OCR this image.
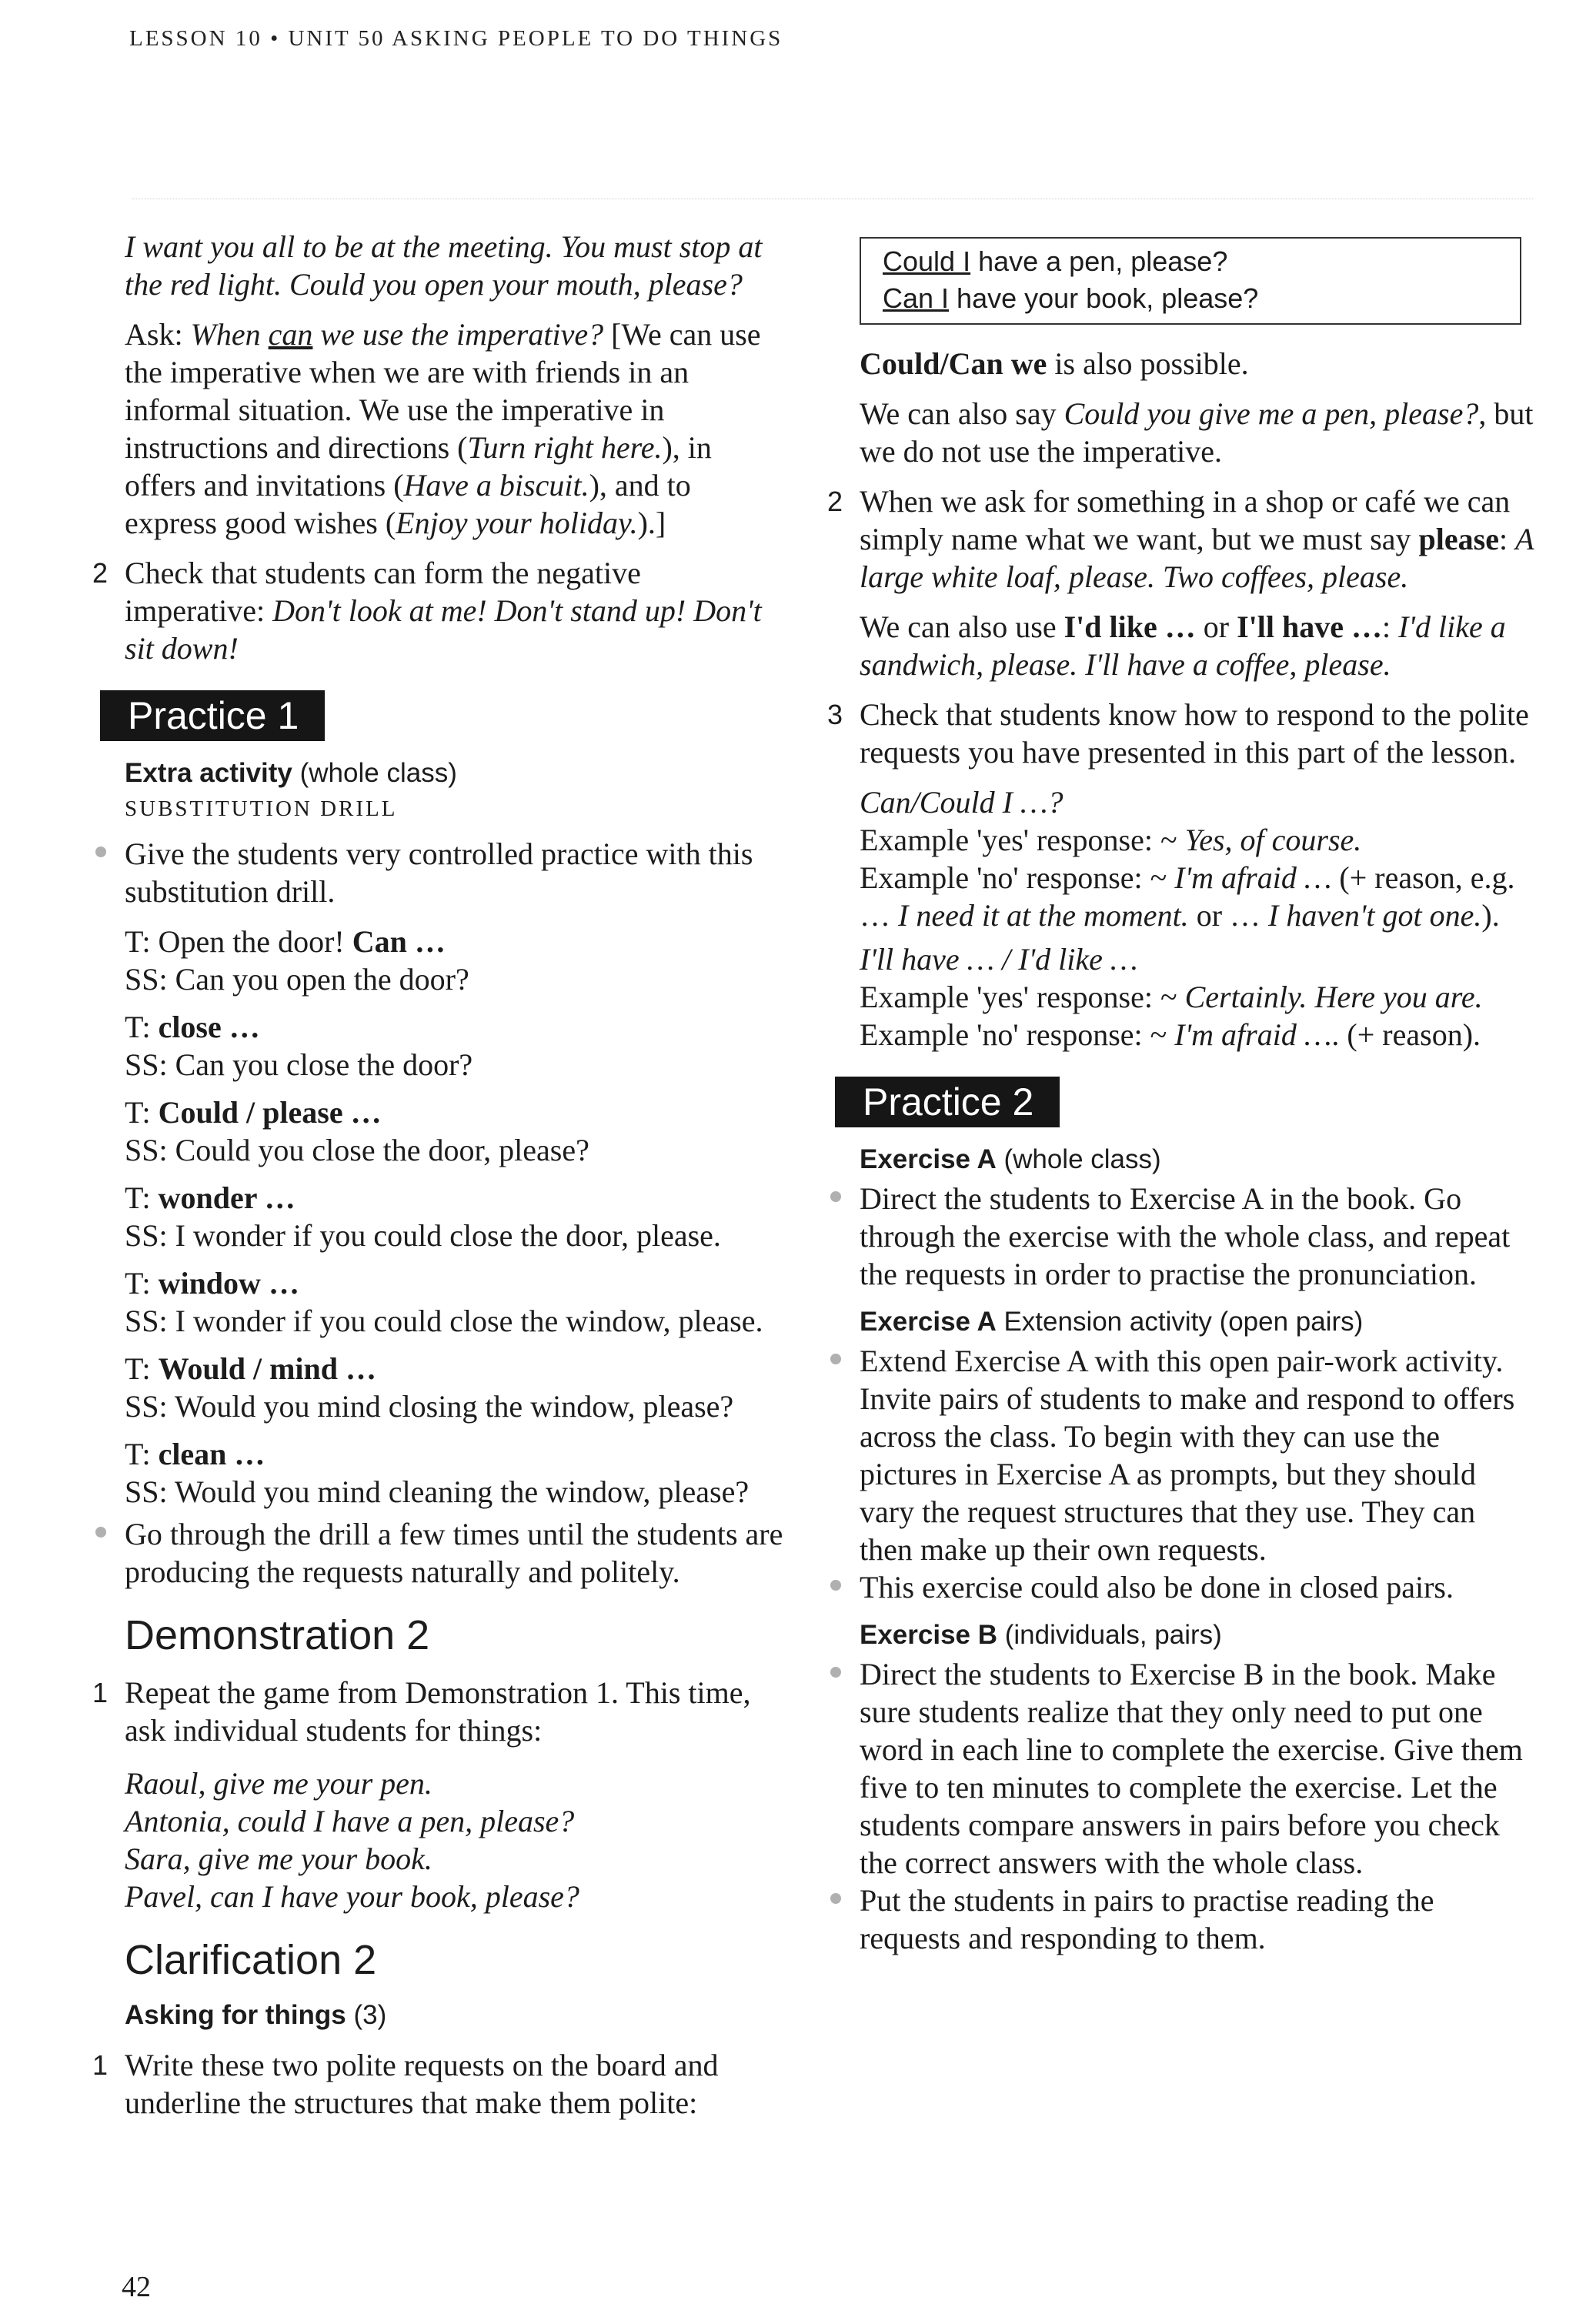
LESSON 10 • UNIT 50 ASKING PEOPLE TO DO THINGS

I want you all to be at the meeting. You must stop at the red light. Could you open your mouth, please?

Ask: When can we use the imperative? [We can use the imperative when we are with friends in an informal situation. We use the imperative in instructions and directions (Turn right here.), in offers and invitations (Have a biscuit.), and to express good wishes (Enjoy your holiday.).]

2 Check that students can form the negative imperative: Don't look at me! Don't stand up! Don't sit down!
Practice 1

Extra activity (whole class)

SUBSTITUTION DRILL

Give the students very controlled practice with this substitution drill.

T: Open the door! Can …

SS: Can you open the door?

T: close …

SS: Can you close the door?

T: Could / please …

SS: Could you close the door, please?

T: wonder …

SS: I wonder if you could close the door, please.

T: window …

SS: I wonder if you could close the window, please.

T: Would / mind …

SS: Would you mind closing the window, please?

T: clean …

SS: Would you mind cleaning the window, please?

Go through the drill a few times until the students are producing the requests naturally and politely.
Demonstration 2
1 Repeat the game from Demonstration 1. This time, ask individual students for things:

Raoul, give me your pen.

Antonia, could I have a pen, please?

Sara, give me your book.

Pavel, can I have your book, please?

Clarification 2

Asking for things (3)

1 Write these two polite requests on the board and underline the structures that make them polite:

Could I have a pen, please?

Can I have your book, please?

Could/Can we is also possible.

We can also say Could you give me a pen, please?, but we do not use the imperative.

2 When we ask for something in a shop or café we can simply name what we want, but we must say please: A large white loaf, please. Two coffees, please.

We can also use I'd like … or I'll have …: I'd like a sandwich, please. I'll have a coffee, please.

3 Check that students know how to respond to the polite requests you have presented in this part of the lesson.

Can/Could I …?

Example 'yes' response: ~ Yes, of course.

Example 'no' response: ~ I'm afraid … (+ reason, e.g. … I need it at the moment. or … I haven't got one.).

I'll have … / I'd like …

Example 'yes' response: ~ Certainly. Here you are.

Example 'no' response: ~ I'm afraid …. (+ reason).

Practice 2

Exercise A (whole class)

Direct the students to Exercise A in the book. Go through the exercise with the whole class, and repeat the requests in order to practise the pronunciation.

Exercise A Extension activity (open pairs)

Extend Exercise A with this open pair-work activity. Invite pairs of students to make and respond to offers across the class. To begin with they can use the pictures in Exercise A as prompts, but they should vary the request structures that they use. They can then make up their own requests.
This exercise could also be done in closed pairs.

Exercise B (individuals, pairs)

Direct the students to Exercise B in the book. Make sure students realize that they only need to put one word in each line to complete the exercise. Give them five to ten minutes to complete the exercise. Let the students compare answers in pairs before you check the correct answers with the whole class.
Put the students in pairs to practise reading the requests and responding to them.
42
